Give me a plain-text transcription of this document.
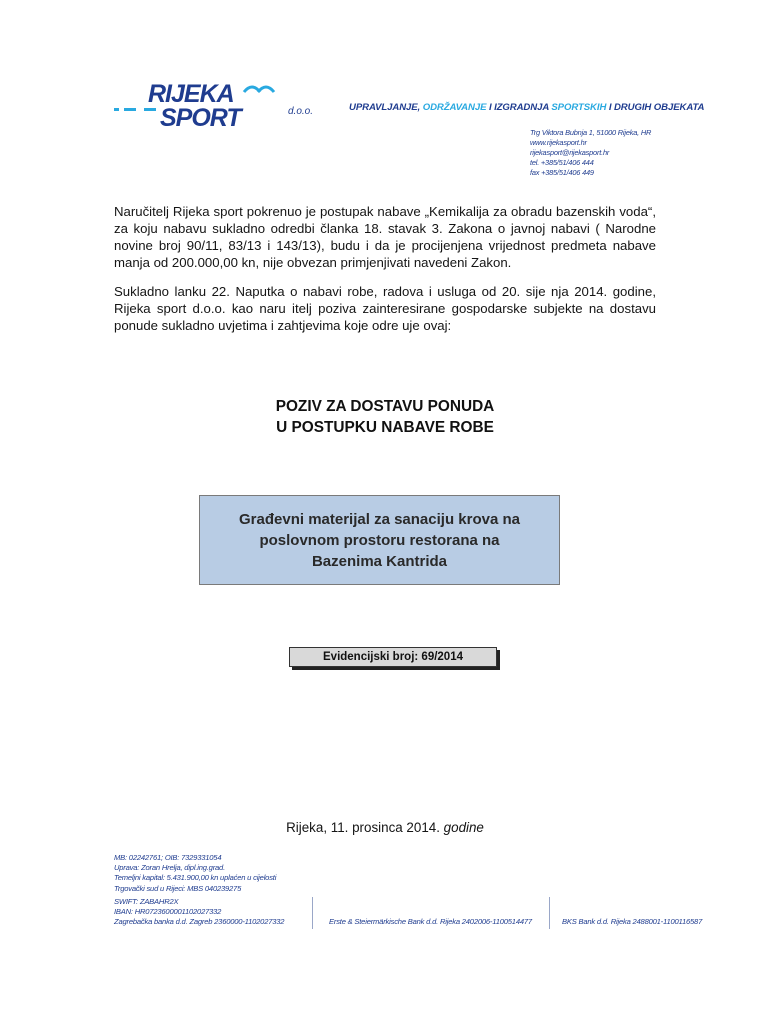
RIJEKA
SPORT	d.o.o.	UPRAVLJANJE, ODRŽAVANJE I IZGRADNJA SPORTSKIH I DRUGIH OBJEKATA
Trg Viktora Bubnja 1, 51000 Rijeka, HR
www.rijekasport.hr
rijekasport@rijekasport.hr
tel. +385/51/406 444
fax +385/51/406 449
Naručitelj Rijeka sport pokrenuo je postupak nabave „Kemikalija za obradu bazenskih voda“, za koju nabavu sukladno odredbi članka 18. stavak 3. Zakona o javnoj nabavi ( Narodne novine broj 90/11, 83/13 i 143/13), budu i da je procijenjena vrijednost predmeta nabave manja od 200.000,00 kn, nije obvezan primjenjivati navedeni Zakon.
Sukladno lanku 22. Naputka o nabavi robe, radova i usluga od 20. sije nja 2014. godine, Rijeka sport d.o.o. kao naru itelj poziva zainteresirane gospodarske subjekte na dostavu ponude sukladno uvjetima i zahtjevima koje odre uje ovaj:
POZIV ZA DOSTAVU PONUDA
U POSTUPKU NABAVE ROBE
Građevni materijal za sanaciju krova na
poslovnom prostoru restorana na
Bazenima Kantrida
Evidencijski broj: 69/2014
Rijeka, 11. prosinca 2014. godine
MB: 02242761; OIB: 7329331054
Uprava: Zoran Hrelja, dipl.ing.grad.
Temeljni kapital: 5.431.900,00 kn uplaćen u cijelosti
Trgovački sud u Rijeci: MBS 040239275
SWIFT: ZABAHR2X
IBAN: HR0723600001102027332
Zagrebačka banka d.d. Zagreb 2360000-1102027332	Erste & Steiermärkische Bank d.d. Rijeka 2402006-1100514477	BKS Bank d.d. Rijeka 2488001-1100116587
